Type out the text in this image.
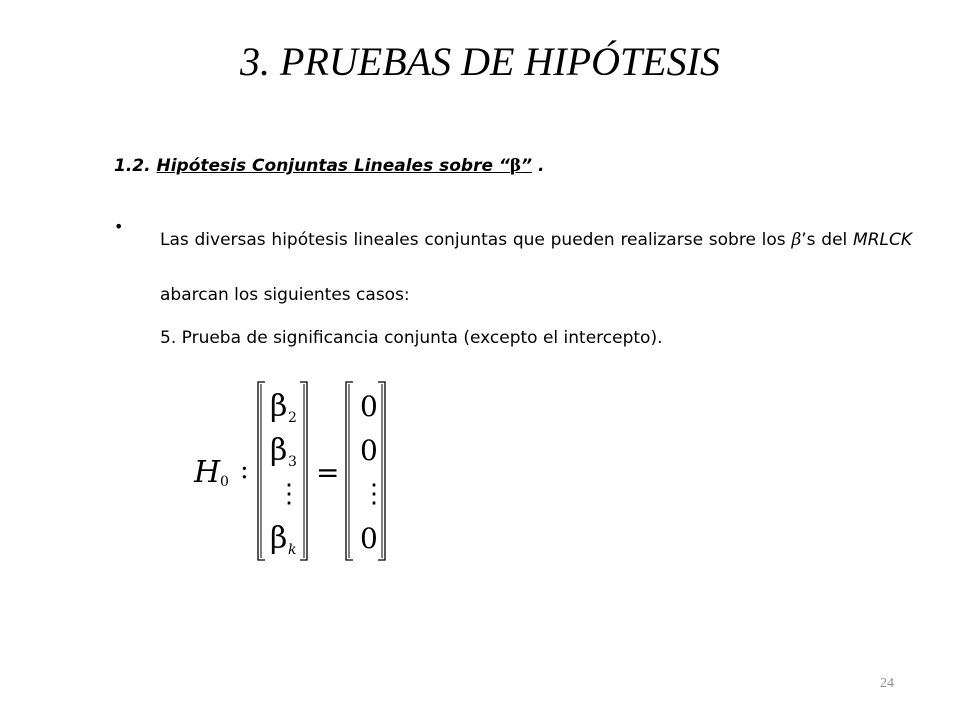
3. PRUEBAS DE HIPÓTESIS
1.2. Hipótesis Conjuntas Lineales sobre “β” .
•

Las diversas hipótesis lineales conjuntas que pueden realizarse sobre los β’s del MRLCK abarcan los siguientes casos:

5. Prueba de significancia conjunta (excepto el intercepto).
H 0 :
β 2
β 3
⋮
β k
=
0
0
⋮
0
24
